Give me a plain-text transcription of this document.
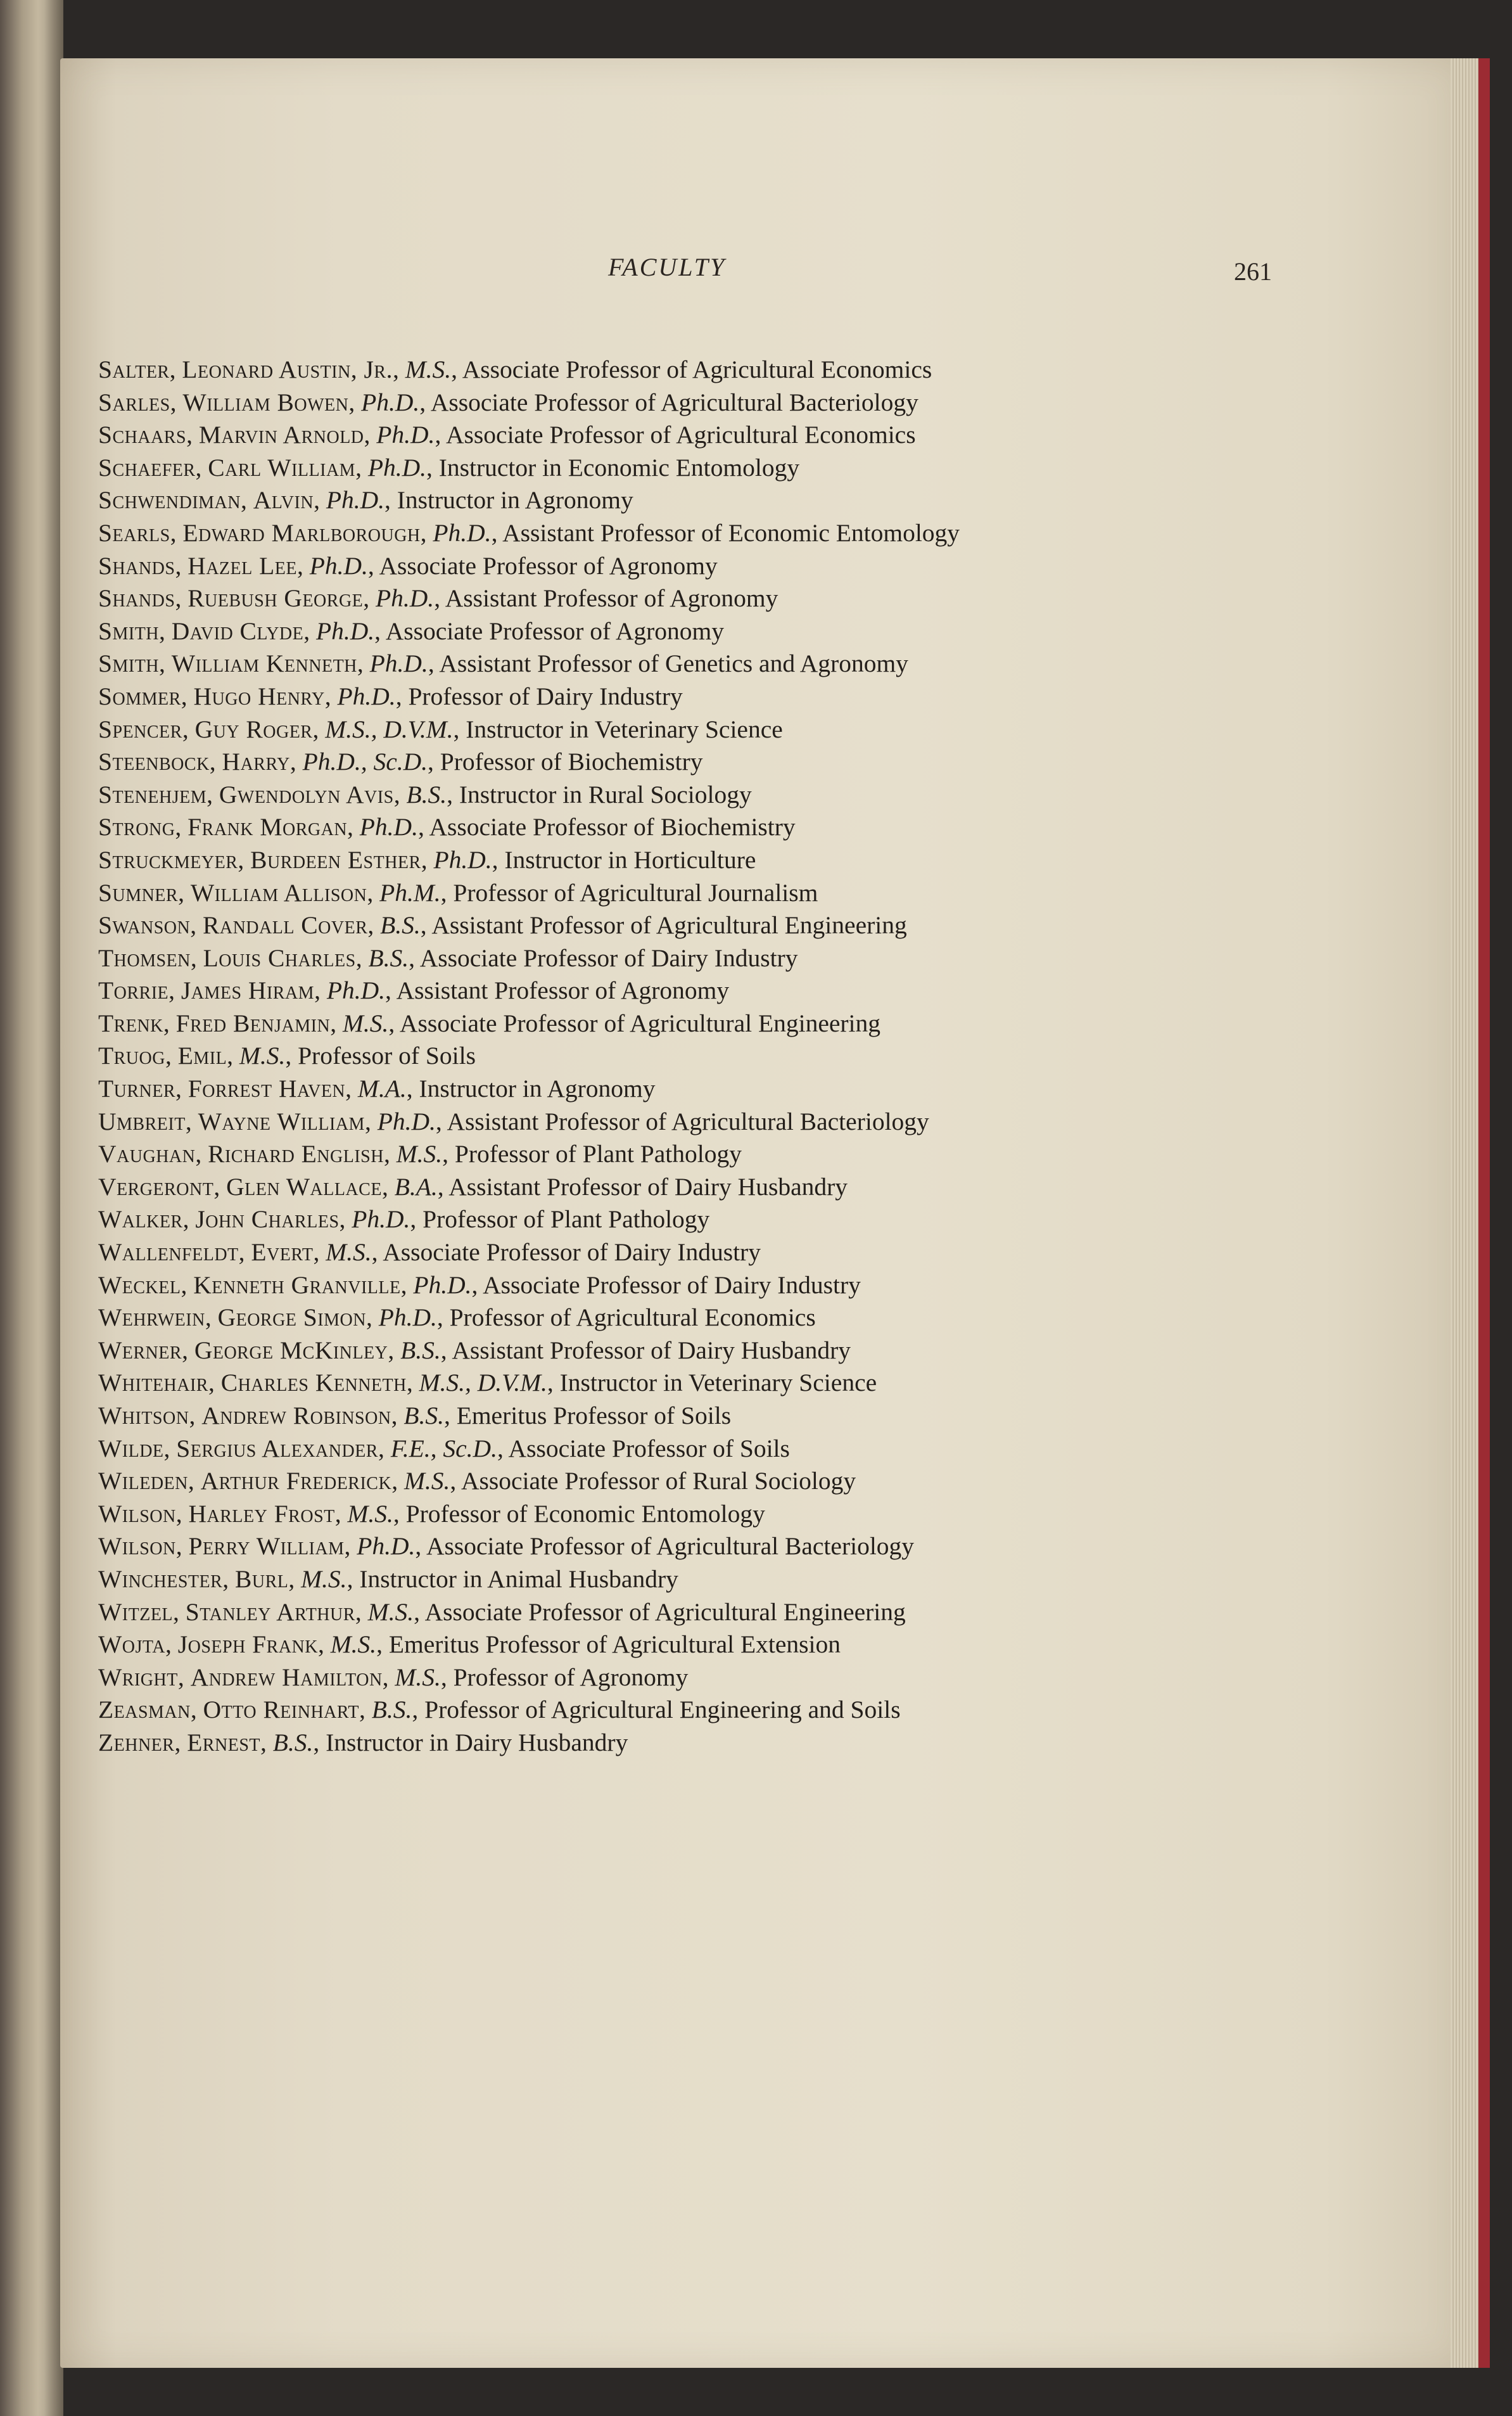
FACULTY	261
Salter, Leonard Austin, Jr., M.S., Associate Professor of Agricultural Economics
Sarles, William Bowen, Ph.D., Associate Professor of Agricultural Bacteriology
Schaars, Marvin Arnold, Ph.D., Associate Professor of Agricultural Economics
Schaefer, Carl William, Ph.D., Instructor in Economic Entomology
Schwendiman, Alvin, Ph.D., Instructor in Agronomy
Searls, Edward Marlborough, Ph.D., Assistant Professor of Economic Entomology
Shands, Hazel Lee, Ph.D., Associate Professor of Agronomy
Shands, Ruebush George, Ph.D., Assistant Professor of Agronomy
Smith, David Clyde, Ph.D., Associate Professor of Agronomy
Smith, William Kenneth, Ph.D., Assistant Professor of Genetics and Agronomy
Sommer, Hugo Henry, Ph.D., Professor of Dairy Industry
Spencer, Guy Roger, M.S., D.V.M., Instructor in Veterinary Science
Steenbock, Harry, Ph.D., Sc.D., Professor of Biochemistry
Stenehjem, Gwendolyn Avis, B.S., Instructor in Rural Sociology
Strong, Frank Morgan, Ph.D., Associate Professor of Biochemistry
Struckmeyer, Burdeen Esther, Ph.D., Instructor in Horticulture
Sumner, William Allison, Ph.M., Professor of Agricultural Journalism
Swanson, Randall Cover, B.S., Assistant Professor of Agricultural Engineering
Thomsen, Louis Charles, B.S., Associate Professor of Dairy Industry
Torrie, James Hiram, Ph.D., Assistant Professor of Agronomy
Trenk, Fred Benjamin, M.S., Associate Professor of Agricultural Engineering
Truog, Emil, M.S., Professor of Soils
Turner, Forrest Haven, M.A., Instructor in Agronomy
Umbreit, Wayne William, Ph.D., Assistant Professor of Agricultural Bacteriology
Vaughan, Richard English, M.S., Professor of Plant Pathology
Vergeront, Glen Wallace, B.A., Assistant Professor of Dairy Husbandry
Walker, John Charles, Ph.D., Professor of Plant Pathology
Wallenfeldt, Evert, M.S., Associate Professor of Dairy Industry
Weckel, Kenneth Granville, Ph.D., Associate Professor of Dairy Industry
Wehrwein, George Simon, Ph.D., Professor of Agricultural Economics
Werner, George McKinley, B.S., Assistant Professor of Dairy Husbandry
Whitehair, Charles Kenneth, M.S., D.V.M., Instructor in Veterinary Science
Whitson, Andrew Robinson, B.S., Emeritus Professor of Soils
Wilde, Sergius Alexander, F.E., Sc.D., Associate Professor of Soils
Wileden, Arthur Frederick, M.S., Associate Professor of Rural Sociology
Wilson, Harley Frost, M.S., Professor of Economic Entomology
Wilson, Perry William, Ph.D., Associate Professor of Agricultural Bacteriology
Winchester, Burl, M.S., Instructor in Animal Husbandry
Witzel, Stanley Arthur, M.S., Associate Professor of Agricultural Engineering
Wojta, Joseph Frank, M.S., Emeritus Professor of Agricultural Extension
Wright, Andrew Hamilton, M.S., Professor of Agronomy
Zeasman, Otto Reinhart, B.S., Professor of Agricultural Engineering and Soils
Zehner, Ernest, B.S., Instructor in Dairy Husbandry
